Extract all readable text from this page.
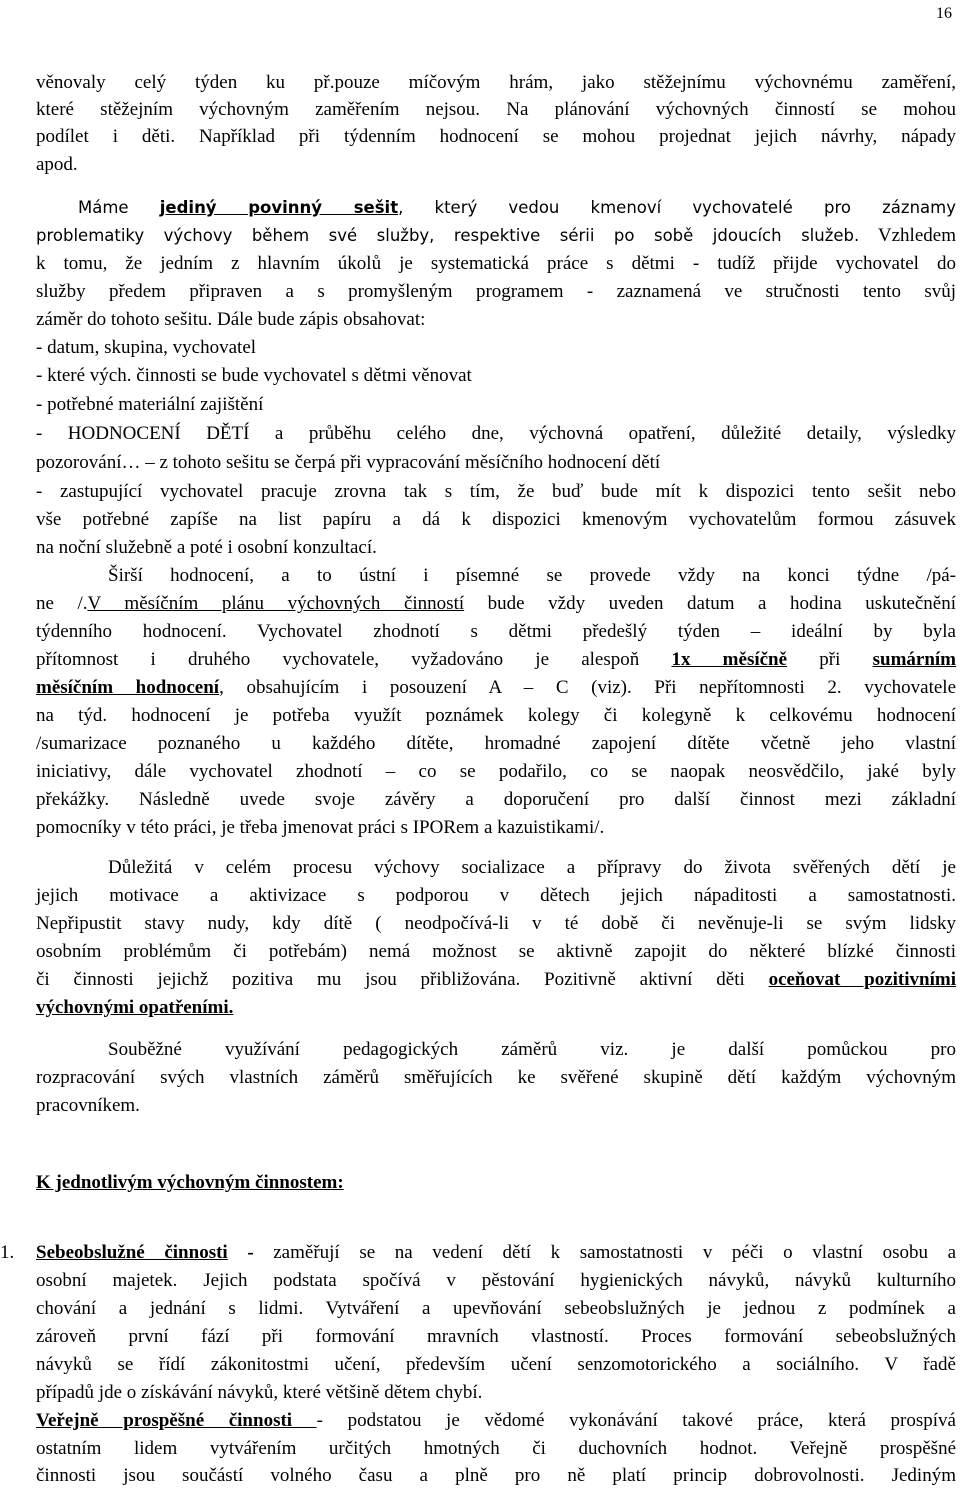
16
věnovaly celý týden ku př.pouze míčovým hrám, jako stěžejnímu výchovnému zaměření,
které stěžejním výchovným zaměřením nejsou. Na plánování výchovných činností se mohou
podílet i děti. Například při týdenním hodnocení se mohou projednat jejich návrhy, nápady
apod.
Máme jediný povinný sešit, který vedou kmenoví vychovatelé pro záznamy
problematiky výchovy během své služby, respektive sérii po sobě jdoucích služeb. Vzhledem
k tomu, že jedním z hlavním úkolů je systematická práce s dětmi - tudíž přijde vychovatel do
služby předem připraven a s promyšleným programem - zaznamená ve stručnosti tento svůj
záměr do tohoto sešitu. Dále bude zápis obsahovat:
- datum, skupina, vychovatel
- které vých. činnosti se bude vychovatel s dětmi věnovat
- potřebné materiální zajištění
- HODNOCENÍ DĚTÍ a průběhu celého dne, výchovná opatření, důležité detaily, výsledky
pozorování… – z tohoto sešitu se čerpá při vypracování měsíčního hodnocení dětí
- zastupující vychovatel pracuje zrovna tak s tím, že buď bude mít k dispozici tento sešit nebo
vše potřebné zapíše na list papíru a dá k dispozici kmenovým vychovatelům formou zásuvek
na noční služebně a poté i osobní konzultací.
Širší hodnocení, a to ústní i písemné se provede vždy na konci týdne /pá-
ne /.V měsíčním plánu výchovných činností bude vždy uveden datum a hodina uskutečnění
týdenního hodnocení. Vychovatel zhodnotí s dětmi předešlý týden – ideální by byla
přítomnost i druhého vychovatele, vyžadováno je alespoň 1x měsíčně při sumárním
měsíčním hodnocení, obsahujícím i posouzení A – C (viz). Při nepřítomnosti 2. vychovatele
na týd. hodnocení je potřeba využít poznámek kolegy či kolegyně k celkovému hodnocení
/sumarizace poznaného u každého dítěte, hromadné zapojení dítěte včetně jeho vlastní
iniciativy, dále vychovatel zhodnotí – co se podařilo, co se naopak neosvědčilo, jaké byly
překážky. Následně uvede svoje závěry a doporučení pro další činnost mezi základní
pomocníky v této práci, je třeba jmenovat práci s IPORem a kazuistikami/.
Důležitá v celém procesu výchovy socializace a přípravy do života svěřených dětí je
jejich motivace a aktivizace s podporou v dětech jejich nápaditosti a samostatnosti.
Nepřipustit stavy nudy, kdy dítě ( neodpočívá-li v té době či nevěnuje-li se svým lidsky
osobním problémům či potřebám) nemá možnost se aktivně zapojit do některé blízké činnosti
či činnosti jejichž pozitiva mu jsou přibližována. Pozitivně aktivní děti oceňovat pozitivními
výchovnými opatřeními.
Souběžné využívání pedagogických záměrů viz. je další pomůckou pro
rozpracování svých vlastních záměrů směřujících ke svěřené skupině dětí každým výchovným
pracovníkem.
K jednotlivým výchovným činnostem:
1. Sebeobslužné činnosti - zaměřují se na vedení dětí k samostatnosti v péči o vlastní osobu a
osobní majetek. Jejich podstata spočívá v pěstování hygienických návyků, návyků kulturního
chování a jednání s lidmi. Vytváření a upevňování sebeobslužných je jednou z podmínek a
zároveň první fází při formování mravních vlastností. Proces formování sebeobslužných
návyků se řídí zákonitostmi učení, především učení senzomotorického a sociálního. V řadě
případů jde o získávání návyků, které většině dětem chybí.
Veřejně prospěšné činnosti - podstatou je vědomé vykonávání takové práce, která prospívá
ostatním lidem vytvářením určitých hmotných či duchovních hodnot. Veřejně prospěšné
činnosti jsou součástí volného času a plně pro ně platí princip dobrovolnosti. Jediným
